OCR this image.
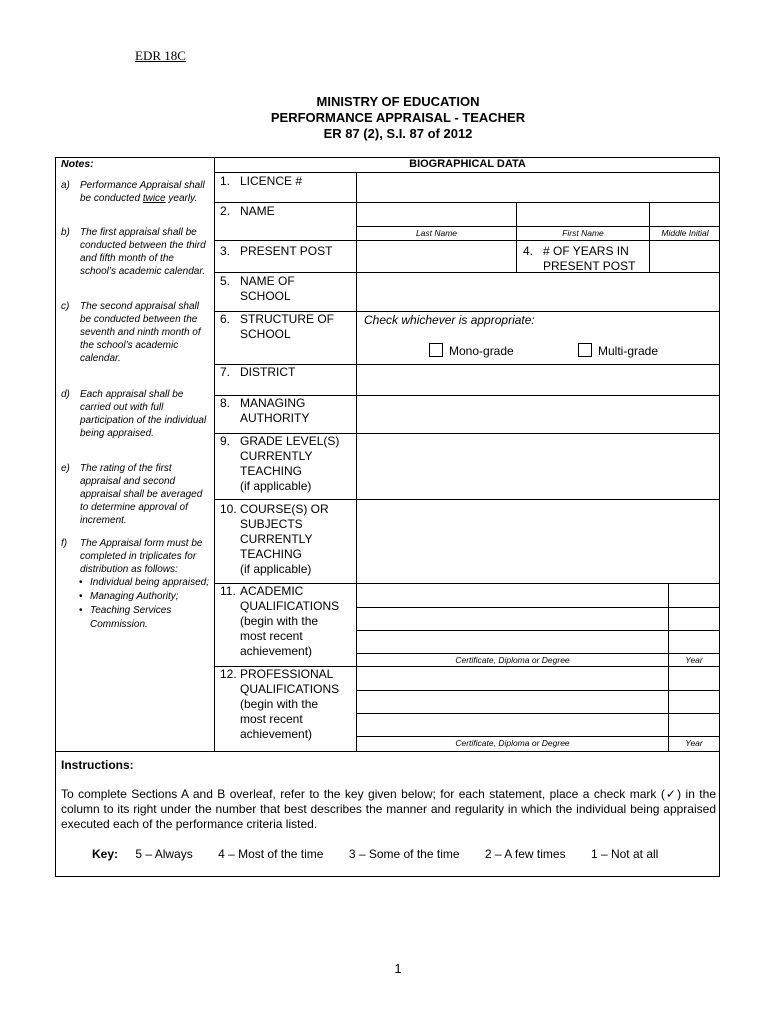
EDR 18C
MINISTRY OF EDUCATION
PERFORMANCE APPRAISAL - TEACHER
ER 87 (2), S.I. 87 of 2012
Notes:
a) Performance Appraisal shall be conducted twice yearly.
b) The first appraisal shall be conducted between the third and fifth month of the school’s academic calendar.
c) The second appraisal shall be conducted between the seventh and ninth month of the school’s academic calendar.
d) Each appraisal shall be carried out with full participation of the individual being appraised.
e) The rating of the first appraisal and second appraisal shall be averaged to determine approval of increment.
f) The Appraisal form must be completed in triplicates for distribution as follows:
• Individual being appraised;
• Managing Authority;
• Teaching Services Commission.
BIOGRAPHICAL DATA
1. LICENCE #
2. NAME
Last Name	First Name	Middle Initial
3. PRESENT POST	4. # OF YEARS IN
PRESENT POST
5. NAME OF
SCHOOL
6. STRUCTURE OF
SCHOOL
Check whichever is appropriate:
Mono-grade	Multi-grade
7. DISTRICT
8. MANAGING
AUTHORITY
9. GRADE LEVEL(S)
CURRENTLY
TEACHING
(if applicable)
10. COURSE(S) OR
SUBJECTS
CURRENTLY
TEACHING
(if applicable)
11. ACADEMIC
QUALIFICATIONS
(begin with the
most recent
achievement)
Certificate, Diploma or Degree	Year
12. PROFESSIONAL
QUALIFICATIONS
(begin with the
most recent
achievement)
Certificate, Diploma or Degree	Year
Instructions:
To complete Sections A and B overleaf, refer to the key given below; for each statement, place a check mark (✓) in the column to its right under the number that best describes the manner and regularity in which the individual being appraised executed each of the performance criteria listed.
Key: 5 – Always 4 – Most of the time 3 – Some of the time 2 – A few times 1 – Not at all
1
